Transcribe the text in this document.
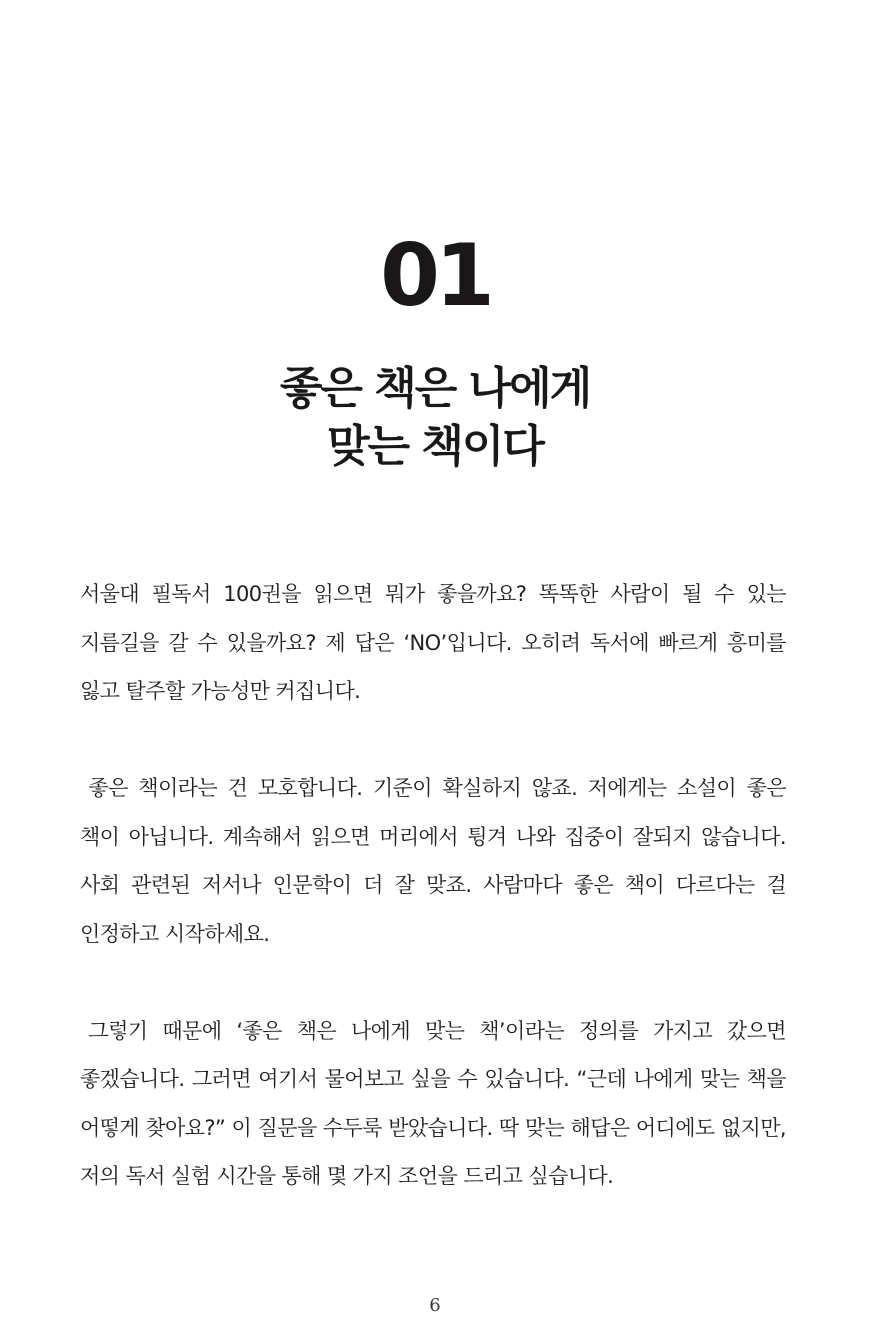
01
좋은 책은 나에게
맞는 책이다

서울대 필독서 100권을 읽으면 뭐가 좋을까요? 똑똑한 사람이 될 수 있는 지름길을 갈 수 있을까요? 제 답은 ‘NO’입니다. 오히려 독서에 빠르게 흥미를 잃고 탈주할 가능성만 커집니다.

좋은 책이라는 건 모호합니다. 기준이 확실하지 않죠. 저에게는 소설이 좋은 책이 아닙니다. 계속해서 읽으면 머리에서 튕겨 나와 집중이 잘되지 않습니다. 사회 관련된 저서나 인문학이 더 잘 맞죠. 사람마다 좋은 책이 다르다는 걸 인정하고 시작하세요.

그렇기 때문에 ‘좋은 책은 나에게 맞는 책’이라는 정의를 가지고 갔으면 좋겠습니다. 그러면 여기서 물어보고 싶을 수 있습니다. “근데 나에게 맞는 책을 어떻게 찾아요?” 이 질문을 수두룩 받았습니다. 딱 맞는 해답은 어디에도 없지만, 저의 독서 실험 시간을 통해 몇 가지 조언을 드리고 싶습니다.

6
